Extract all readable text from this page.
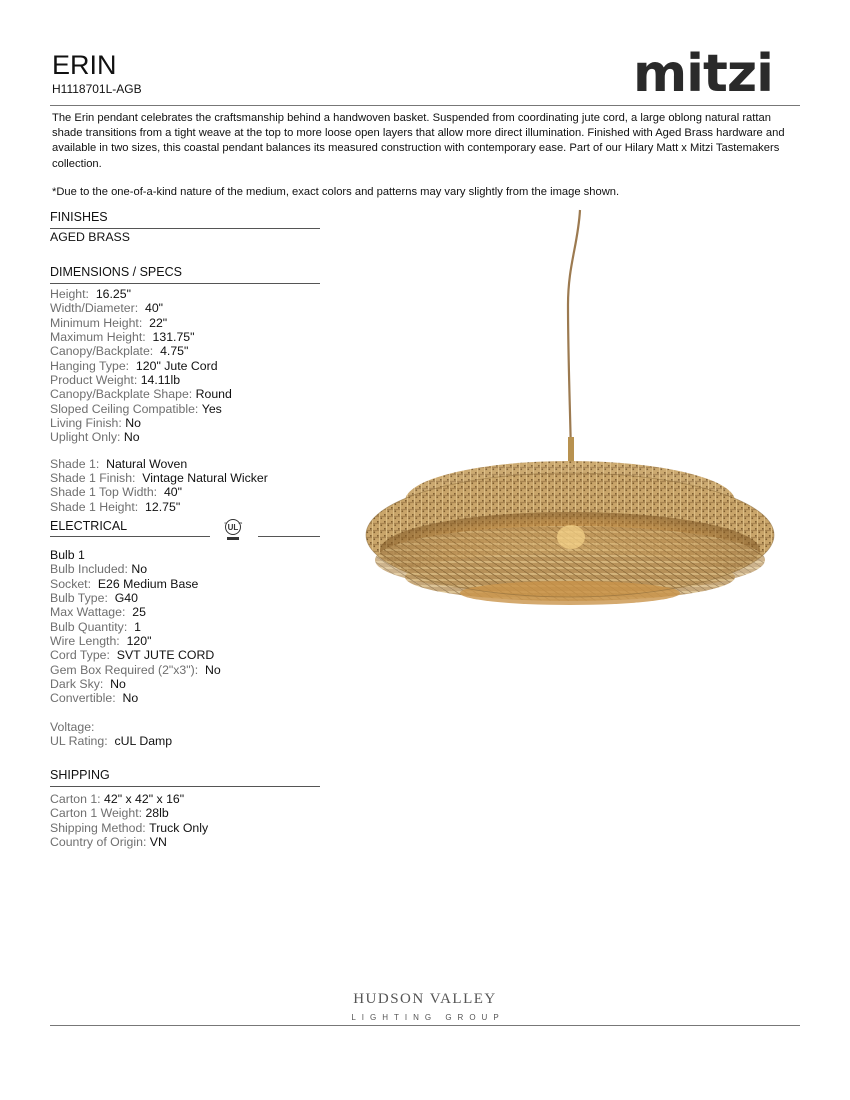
ERIN
H1118701L-AGB	mitzi

The Erin pendant celebrates the craftsmanship behind a handwoven basket. Suspended from coordinating jute cord, a large oblong natural rattan shade transitions from a tight weave at the top to more loose open layers that allow more direct illumination. Finished with Aged Brass hardware and available in two sizes, this coastal pendant balances its measured construction with contemporary ease. Part of our Hilary Matt x Mitzi Tastemakers collection.

*Due to the one-of-a-kind nature of the medium, exact colors and patterns may vary slightly from the image shown.

FINISHES
AGED BRASS
DIMENSIONS / SPECS
Height: 16.25"
Width/Diameter: 40"
Minimum Height: 22"
Maximum Height: 131.75"
Canopy/Backplate: 4.75"
Hanging Type: 120" Jute Cord
Product Weight: 14.11lb
Canopy/Backplate Shape: Round
Sloped Ceiling Compatible: Yes
Living Finish: No
Uplight Only: No
Shade 1: Natural Woven
Shade 1 Finish: Vintage Natural Wicker
Shade 1 Top Width: 40"
Shade 1 Height: 12.75"
ELECTRICAL	UL
c	us
Bulb 1
Bulb Included: No
Socket: E26 Medium Base
Bulb Type: G40
Max Wattage: 25
Bulb Quantity: 1
Wire Length: 120"
Cord Type: SVT JUTE CORD
Gem Box Required (2"x3"): No
Dark Sky: No
Convertible: No
Voltage:
UL Rating: cUL Damp
SHIPPING
Carton 1: 42" x 42" x 16"
Carton 1 Weight: 28lb
Shipping Method: Truck Only
Country of Origin: VN
HUDSON VALLEY
LIGHTING GROUP
